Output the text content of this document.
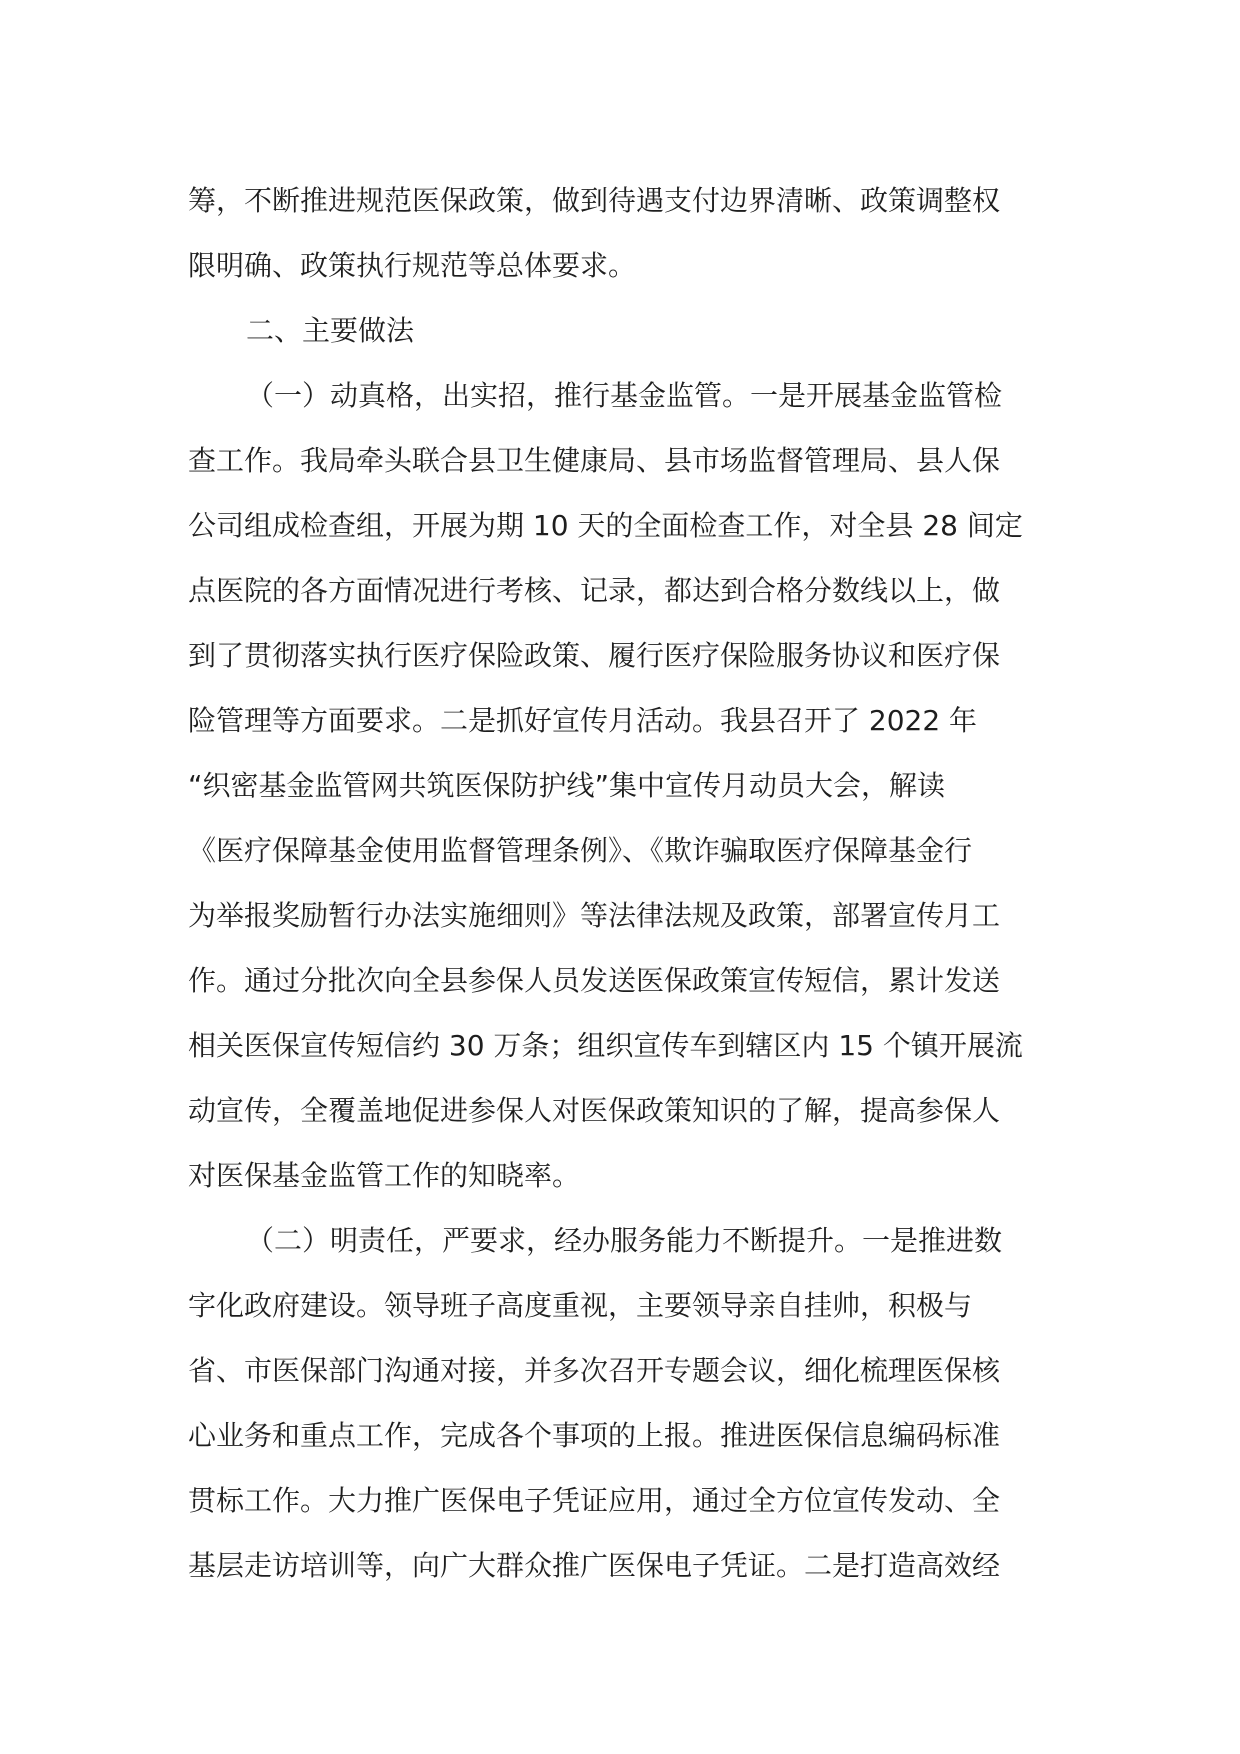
筹，不断推进规范医保政策，做到待遇支付边界清晰、政策调整权
限明确、政策执行规范等总体要求。
二、主要做法
（一）动真格，出实招，推行基金监管。一是开展基金监管检
查工作。我局牵头联合县卫生健康局、县市场监督管理局、县人保
公司组成检查组，开展为期 10 天的全面检查工作，对全县 28 间定
点医院的各方面情况进行考核、记录，都达到合格分数线以上，做
到了贯彻落实执行医疗保险政策、履行医疗保险服务协议和医疗保
险管理等方面要求。二是抓好宣传月活动。我县召开了 2022 年
“织密基金监管网共筑医保防护线”集中宣传月动员大会，解读
《医疗保障基金使用监督管理条例》、《欺诈骗取医疗保障基金行
为举报奖励暂行办法实施细则》等法律法规及政策，部署宣传月工
作。通过分批次向全县参保人员发送医保政策宣传短信，累计发送
相关医保宣传短信约 30 万条；组织宣传车到辖区内 15 个镇开展流
动宣传，全覆盖地促进参保人对医保政策知识的了解，提高参保人
对医保基金监管工作的知晓率。
（二）明责任，严要求，经办服务能力不断提升。一是推进数
字化政府建设。领导班子高度重视，主要领导亲自挂帅，积极与
省、市医保部门沟通对接，并多次召开专题会议，细化梳理医保核
心业务和重点工作，完成各个事项的上报。推进医保信息编码标准
贯标工作。大力推广医保电子凭证应用，通过全方位宣传发动、全
基层走访培训等，向广大群众推广医保电子凭证。二是打造高效经
